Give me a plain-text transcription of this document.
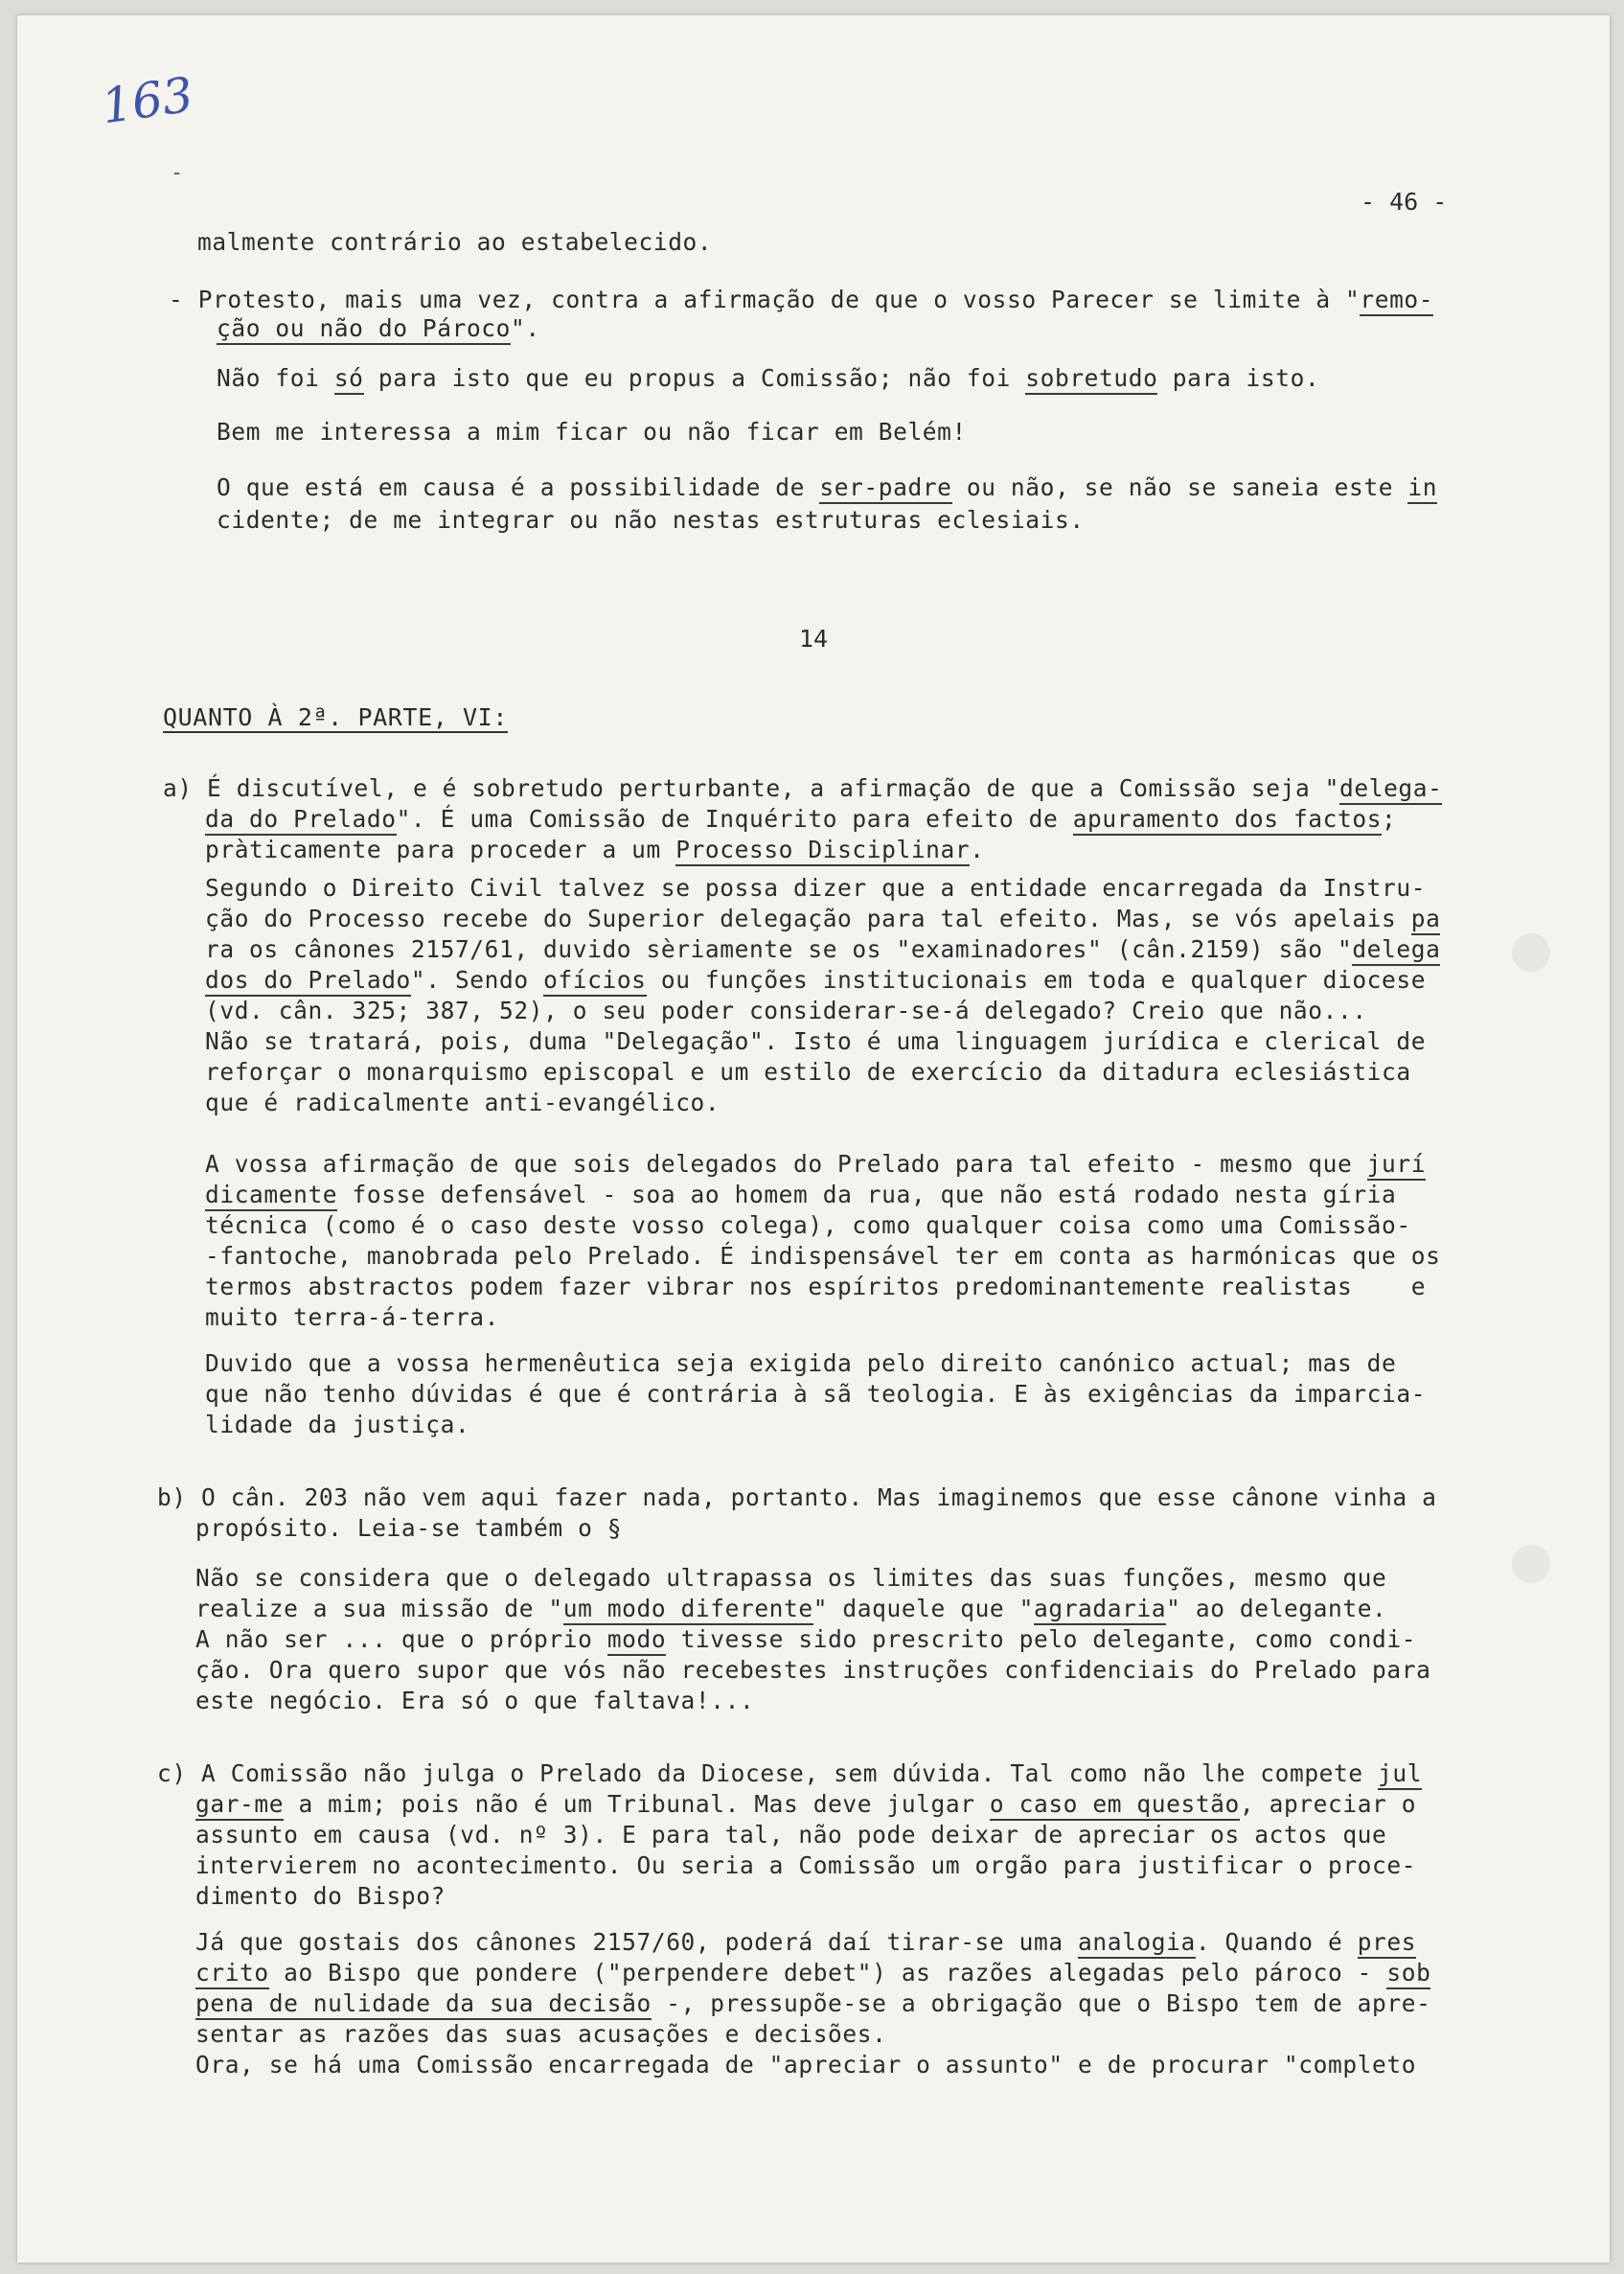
163
- 46 -
-
malmente contrário ao estabelecido.
- Protesto, mais uma vez, contra a afirmação de que o vosso Parecer se limite à "remo-
ção ou não do Pároco".
Não foi só para isto que eu propus a Comissão; não foi sobretudo para isto.
Bem me interessa a mim ficar ou não ficar em Belém!
O que está em causa é a possibilidade de ser-padre ou não, se não se saneia este in
cidente; de me integrar ou não nestas estruturas eclesiais.
14
QUANTO À 2ª. PARTE, VI:
a) É discutível, e é sobretudo perturbante, a afirmação de que a Comissão seja "delega-
da do Prelado". É uma Comissão de Inquérito para efeito de apuramento dos factos;
pràticamente para proceder a um Processo Disciplinar.
Segundo o Direito Civil talvez se possa dizer que a entidade encarregada da Instru-
ção do Processo recebe do Superior delegação para tal efeito. Mas, se vós apelais pa
ra os cânones 2157/61, duvido sèriamente se os "examinadores" (cân.2159) são "delega
dos do Prelado". Sendo ofícios ou funções institucionais em toda e qualquer diocese
(vd. cân. 325; 387, 52), o seu poder considerar-se-á delegado? Creio que não...
Não se tratará, pois, duma "Delegação". Isto é uma linguagem jurídica e clerical de
reforçar o monarquismo episcopal e um estilo de exercício da ditadura eclesiástica
que é radicalmente anti-evangélico.
A vossa afirmação de que sois delegados do Prelado para tal efeito - mesmo que jurí
dicamente fosse defensável - soa ao homem da rua, que não está rodado nesta gíria
técnica (como é o caso deste vosso colega), como qualquer coisa como uma Comissão-
-fantoche, manobrada pelo Prelado. É indispensável ter em conta as harmónicas que os
termos abstractos podem fazer vibrar nos espíritos predominantemente realistas    e
muito terra-á-terra.
Duvido que a vossa hermenêutica seja exigida pelo direito canónico actual; mas de
que não tenho dúvidas é que é contrária à sã teologia. E às exigências da imparcia-
lidade da justiça.
b) O cân. 203 não vem aqui fazer nada, portanto. Mas imaginemos que esse cânone vinha a
propósito. Leia-se também o §
Não se considera que o delegado ultrapassa os limites das suas funções, mesmo que
realize a sua missão de "um modo diferente" daquele que "agradaria" ao delegante.
A não ser ... que o próprio modo tivesse sido prescrito pelo delegante, como condi-
ção. Ora quero supor que vós não recebestes instruções confidenciais do Prelado para
este negócio. Era só o que faltava!...
c) A Comissão não julga o Prelado da Diocese, sem dúvida. Tal como não lhe compete jul
gar-me a mim; pois não é um Tribunal. Mas deve julgar o caso em questão, apreciar o
assunto em causa (vd. nº 3). E para tal, não pode deixar de apreciar os actos que
intervierem no acontecimento. Ou seria a Comissão um orgão para justificar o proce-
dimento do Bispo?
Já que gostais dos cânones 2157/60, poderá daí tirar-se uma analogia. Quando é pres
crito ao Bispo que pondere ("perpendere debet") as razões alegadas pelo pároco - sob
pena de nulidade da sua decisão -, pressupõe-se a obrigação que o Bispo tem de apre-
sentar as razões das suas acusações e decisões.
Ora, se há uma Comissão encarregada de "apreciar o assunto" e de procurar "completo
